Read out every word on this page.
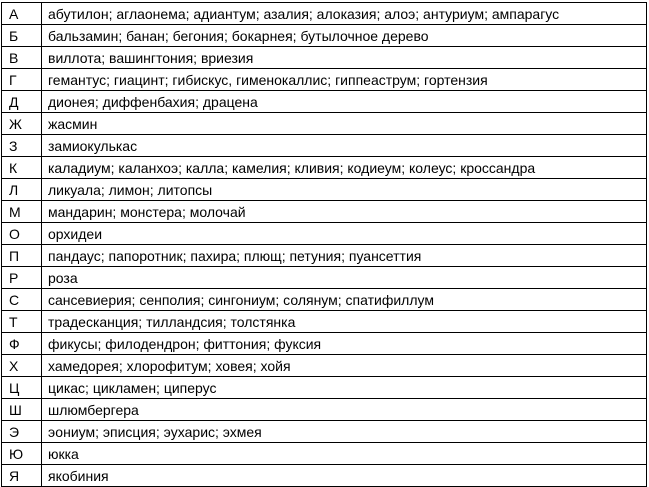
А	абутилон; аглаонема; адиантум; азалия; алоказия; алоэ; антуриум; ампарагус
Б	бальзамин; банан; бегония; бокарнея; бутылочное дерево
В	виллота; вашингтония; вриезия
Г	гемантус; гиацинт; гибискус, гименокаллис; гиппеаструм; гортензия
Д	дионея; диффенбахия; драцена
Ж	жасмин
З	замиокулькас
К	каладиум; каланхоэ; калла; камелия; кливия; кодиеум; колеус; кроссандра
Л	ликуала; лимон; литопсы
М	мандарин; монстера; молочай
О	орхидеи
П	пандаус; папоротник; пахира; плющ; петуния; пуансеттия
Р	роза
С	сансевиерия; сенполия; сингониум; солянум; спатифиллум
Т	традесканция; тилландсия; толстянка
Ф	фикусы; филодендрон; фиттония; фуксия
Х	хамедорея; хлорофитум; ховея; хойя
Ц	цикас; цикламен; циперус
Ш	шлюмбергера
Э	эониум; эписция; эухарис; эхмея
Ю	юкка
Я	якобиния
